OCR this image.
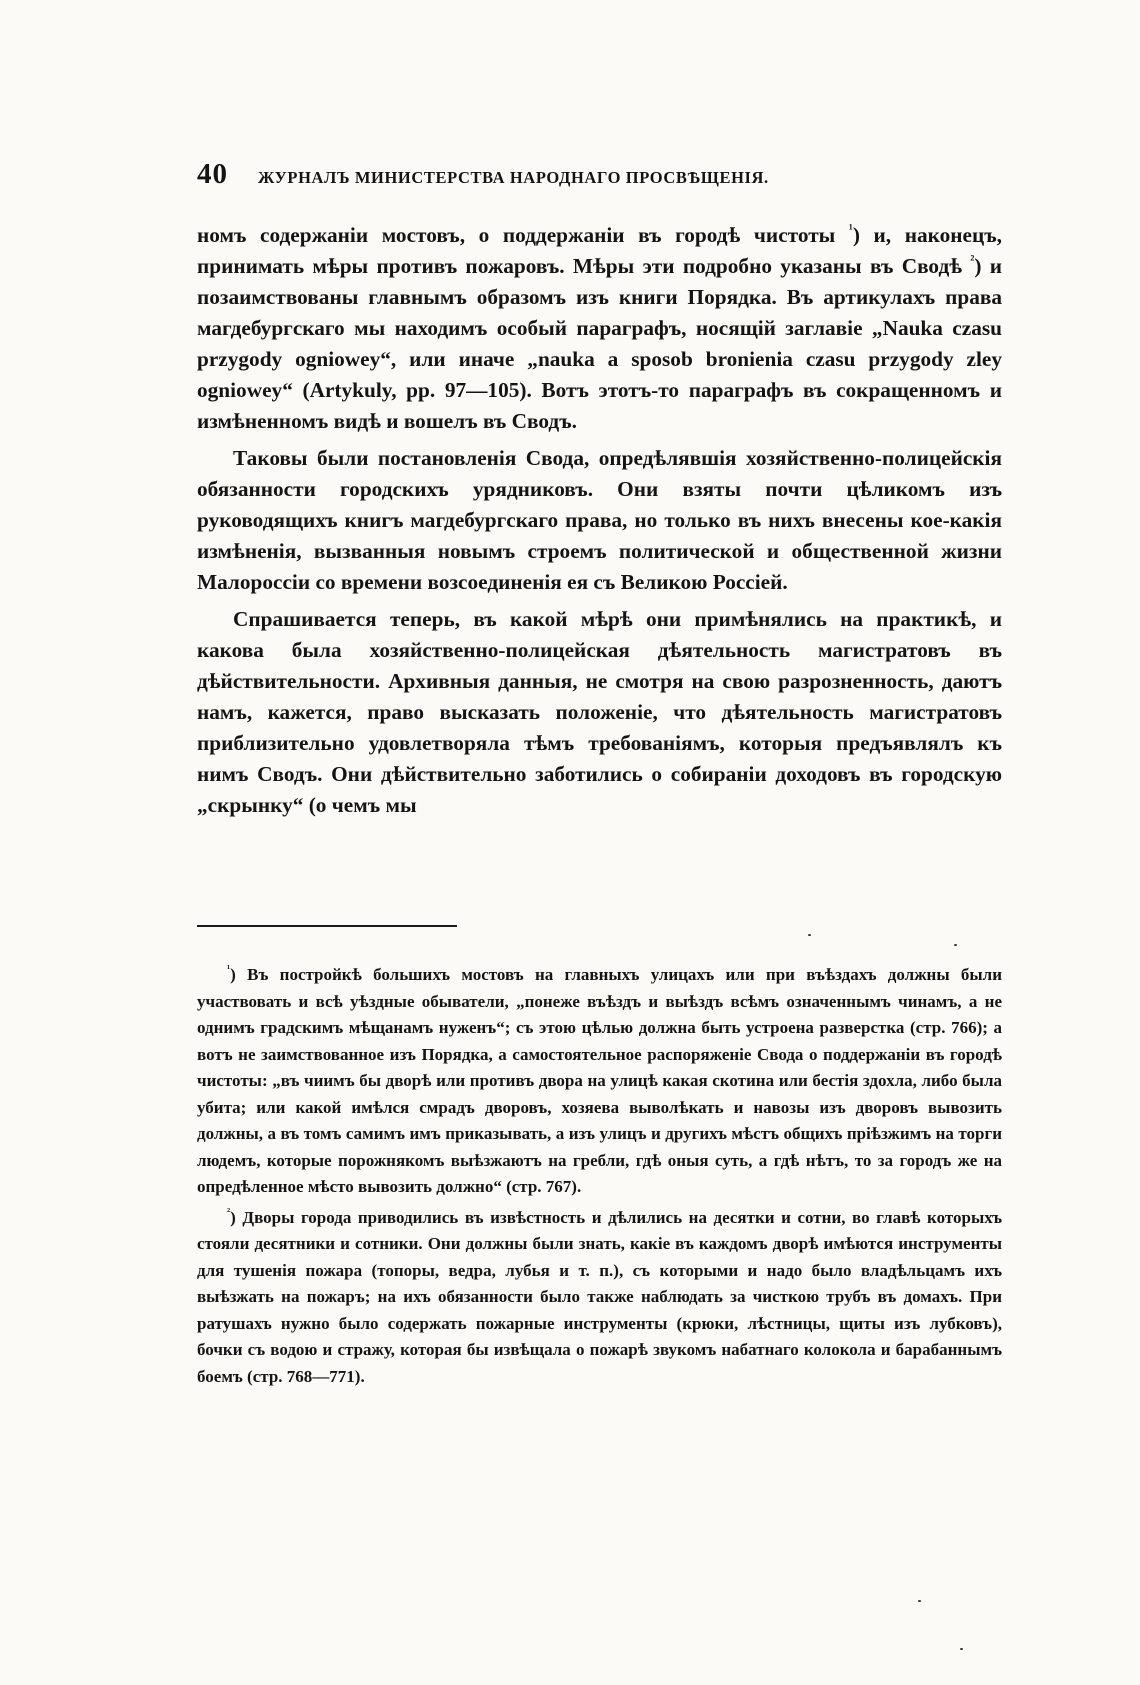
40 ЖУРНАЛЪ МИНИСТЕРСТВА НАРОДНАГО ПРОСВѢЩЕНІЯ.

номъ содержаніи мостовъ, о поддержаніи въ городѣ чистоты $^{^1}$) и, наконецъ, принимать мѣры противъ пожаровъ. Мѣры эти подробно указаны въ Сводѣ $^{^2}$) и позаимствованы главнымъ образомъ изъ книги Порядка. Въ артикулахъ права магдебургскаго мы находимъ особый параграфъ, носящій заглавіе „Nauka czasu przygody ogniowey“, или иначе „nauka a sposob bronienia czasu przygody zley ogniowey“ (Artykuly, pp. 97—105). Вотъ этотъ-то параграфъ въ сокращенномъ и измѣненномъ видѣ и вошелъ въ Сводъ.

Таковы были постановленія Свода, опредѣлявшія хозяйственно-полицейскія обязанности городскихъ урядниковъ. Они взяты почти цѣликомъ изъ руководящихъ книгъ магдебургскаго права, но только въ нихъ внесены кое-какія измѣненія, вызванныя новымъ строемъ политической и общественной жизни Малороссіи со времени возсоединенія ея съ Великою Россіей.

Спрашивается теперь, въ какой мѣрѣ они примѣнялись на практикѣ, и какова была хозяйственно-полицейская дѣятельность магистратовъ въ дѣйствительности. Архивныя данныя, не смотря на свою разрозненность, даютъ намъ, кажется, право высказать положеніе, что дѣятельность магистратовъ приблизительно удовлетворяла тѣмъ требованіямъ, которыя предъявлялъ къ нимъ Сводъ. Они дѣйствительно заботились о собираніи доходовъ въ городскую „скрынку“ (о чемъ мы

$^{^1}$) Въ постройкѣ большихъ мостовъ на главныхъ улицахъ или при въѣздахъ должны были участвовать и всѣ уѣздные обыватели, „понеже въѣздъ и выѣздъ всѣмъ означеннымъ чинамъ, а не однимъ градскимъ мѣщанамъ нуженъ“; съ этою цѣлью должна быть устроена разверстка (стр. 766); а вотъ не заимствованное изъ Порядка, а самостоятельное распоряженіе Свода о поддержаніи въ городѣ чистоты: „въ чиимъ бы дворѣ или противъ двора на улицѣ какая скотина или бестія здохла, либо была убита; или какой имѣлся смрадъ дворовъ, хозяева выволѣкать и навозы изъ дворовъ вывозить должны, а въ томъ самимъ имъ приказывать, а изъ улицъ и другихъ мѣстъ общихъ пріѣзжимъ на торги людемъ, которые порожнякомъ выѣзжаютъ на гребли, гдѣ оныя суть, а гдѣ нѣтъ, то за городъ же на опредѣленное мѣсто вывозить должно“ (стр. 767).

$^{^2}$) Дворы города приводились въ извѣстность и дѣлились на десятки и сотни, во главѣ которыхъ стояли десятники и сотники. Они должны были знать, какіе въ каждомъ дворѣ имѣются инструменты для тушенія пожара (топоры, ведра, лубья и т. п.), съ которыми и надо было владѣльцамъ ихъ выѣзжать на пожаръ; на ихъ обязанности было также наблюдать за чисткою трубъ въ домахъ. При ратушахъ нужно было содержать пожарные инструменты (крюки, лѣстницы, щиты изъ лубковъ), бочки съ водою и стражу, которая бы извѣщала о пожарѣ звукомъ набатнаго колокола и барабаннымъ боемъ (стр. 768—771).
